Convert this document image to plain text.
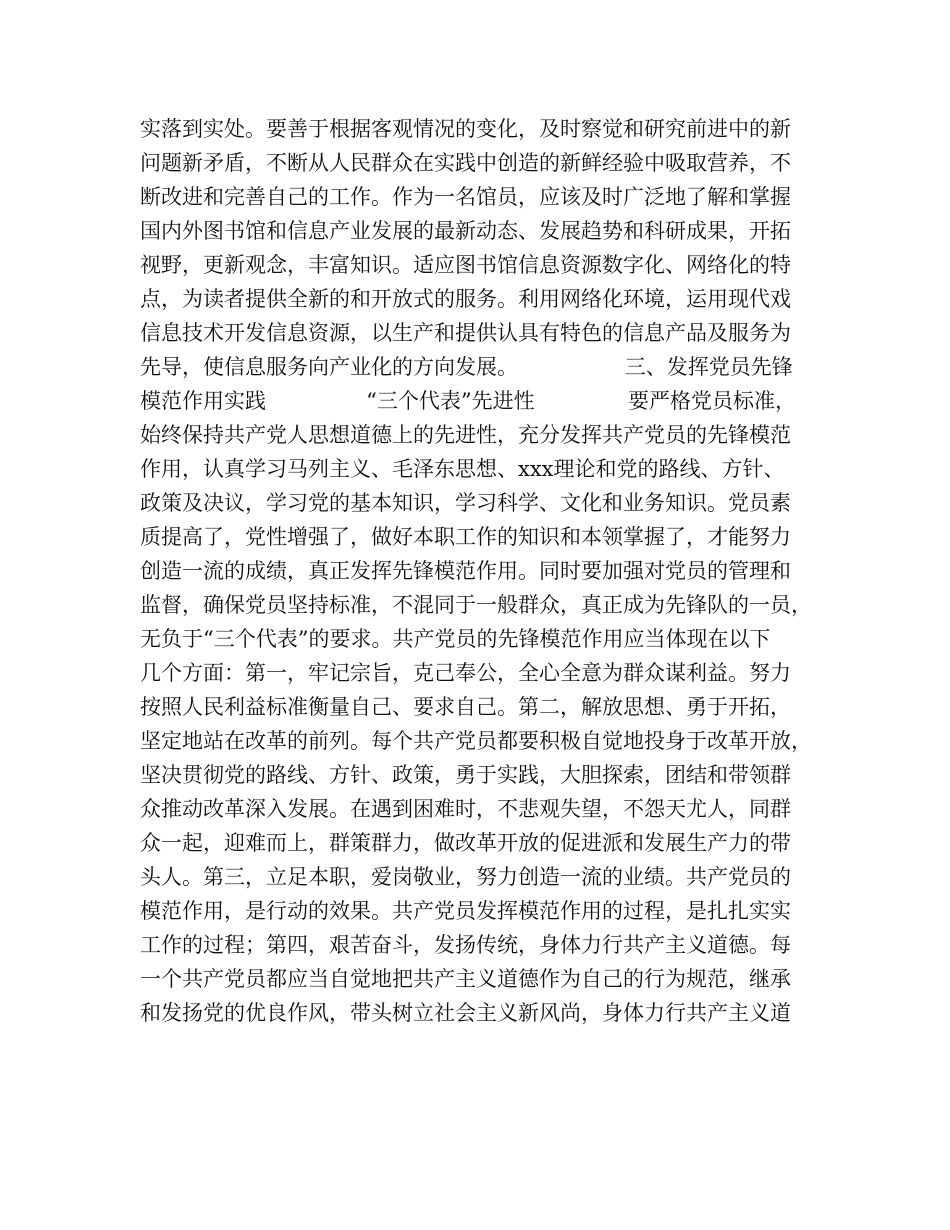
实落到实处。要善于根据客观情况的变化，及时察觉和研究前进中的新
问题新矛盾，不断从人民群众在实践中创造的新鲜经验中吸取营养，不
断改进和完善自己的工作。作为一名馆员，应该及时广泛地了解和掌握
国内外图书馆和信息产业发展的最新动态、发展趋势和科研成果，开拓
视野，更新观念，丰富知识。适应图书馆信息资源数字化、网络化的特
点，为读者提供全新的和开放式的服务。利用网络化环境，运用现代戏
信息技术开发信息资源，以生产和提供认具有特色的信息产品及服务为
先导，使信息服务向产业化的方向发展。                三、发挥党员先锋
模范作用实践               “三个代表”先进性              要严格党员标准，
始终保持共产党人思想道德上的先进性，充分发挥共产党员的先锋模范
作用，认真学习马列主义、毛泽东思想、xxx理论和党的路线、方针、
政策及决议，学习党的基本知识，学习科学、文化和业务知识。党员素
质提高了，党性增强了，做好本职工作的知识和本领掌握了，才能努力
创造一流的成绩，真正发挥先锋模范作用。同时要加强对党员的管理和
监督，确保党员坚持标准，不混同于一般群众，真正成为先锋队的一员，
无负于“三个代表”的要求。共产党员的先锋模范作用应当体现在以下
几个方面：第一，牢记宗旨，克己奉公，全心全意为群众谋利益。努力
按照人民利益标准衡量自己、要求自己。第二，解放思想、勇于开拓，
坚定地站在改革的前列。每个共产党员都要积极自觉地投身于改革开放，
坚决贯彻党的路线、方针、政策，勇于实践，大胆探索，团结和带领群
众推动改革深入发展。在遇到困难时，不悲观失望，不怨天尤人，同群
众一起，迎难而上，群策群力，做改革开放的促进派和发展生产力的带
头人。第三，立足本职，爱岗敬业，努力创造一流的业绩。共产党员的
模范作用，是行动的效果。共产党员发挥模范作用的过程，是扎扎实实
工作的过程；第四，艰苦奋斗，发扬传统，身体力行共产主义道德。每
一个共产党员都应当自觉地把共产主义道德作为自己的行为规范，继承
和发扬党的优良作风，带头树立社会主义新风尚，身体力行共产主义道
